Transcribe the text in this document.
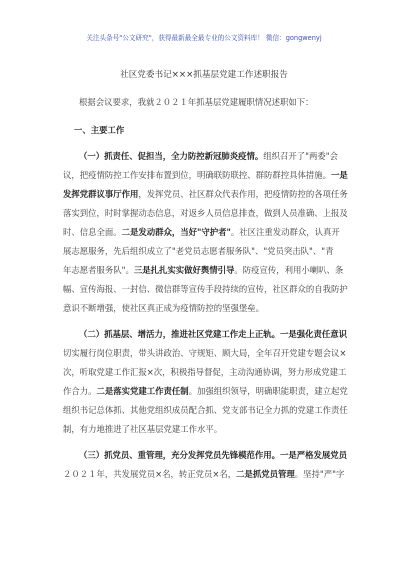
关注头条号"公文研究"，获得最新最全最专业的公文资料库！ 微信：gongwenyj
社区党委书记×××抓基层党建工作述职报告
根据会议要求，我就２０２１年抓基层党建履职情况述职如下：
一、主要工作
（一）抓责任、促担当，全力防控新冠肺炎疫情。组织召开了"两委"会
议，把疫情防控工作安排布置到位，明确联防联控、群防群控具体措施。一是
发挥党群议事厅作用，发挥党员、社区群众代表作用，把疫情防控的各项任务
落实到位，时时掌握动态信息，对返乡人员信息排查，做到人员准确、上报及
时、信息全面。二是发动群众，当好"守护者"。社区注重发动群众，认真开
展志愿服务，先后组织成立了"老党员志愿者服务队"、"党员突击队"、"青
年志愿者服务队"。三是扎扎实实做好舆情引导。防疫宣传，利用小喇叭、条
幅、宣传海报、一封信、微信群等宣传手段持续的宣传，社区群众的自我防护
意识不断增强，使社区真正成为疫情防控的坚强堡垒。
（二）抓基层、增活力，推进社区党建工作走上正轨。一是强化责任意识
切实履行岗位职责，带头讲政治、守规矩、顾大局，全年召开党建专题会议×
次，听取党建工作汇报×次，积极指导督促，主动沟通协调，努力形成党建工
作合力。二是落实党建工作责任制。加强组织领导，明确职能职责，建立起党
组织书记总体抓、其他党组织成员配合抓、党支部书记全力抓的党建工作责任
制，有力地推进了社区基层党建工作水平。
（三）抓党员、重管理，充分发挥党员先锋模范作用。一是严格发展党员
２０２１年，共发展党员×名，转正党员×名，二是抓党员管理。坚持"严"字
